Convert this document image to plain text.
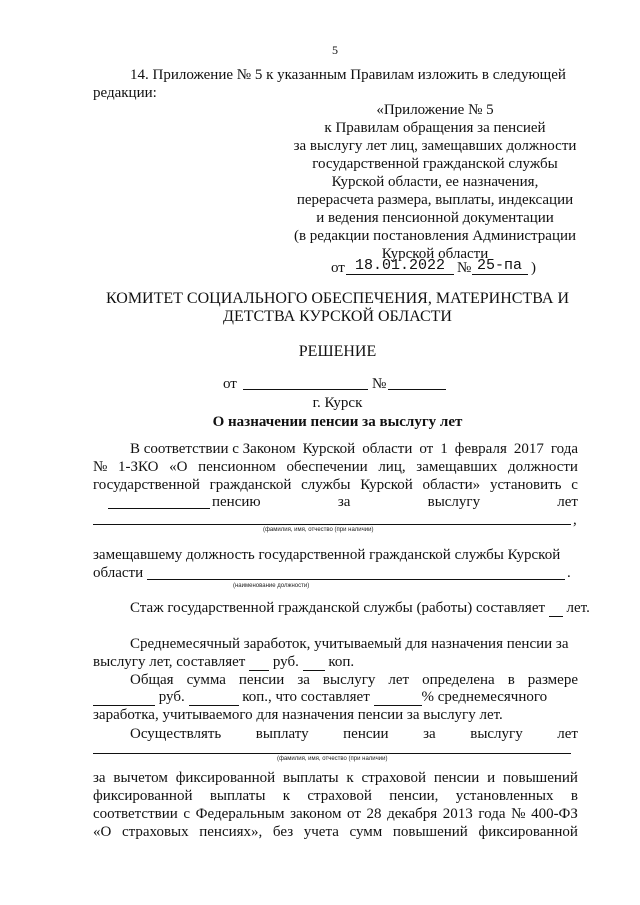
5
14. Приложение № 5 к указанным Правилам изложить в следующей
редакции:
«Приложение № 5
к Правилам обращения за пенсией
за выслугу лет лиц, замещавших должности
государственной гражданской службы
Курской области, ее назначения,
перерасчета размера, выплаты, индексации
и ведения пенсионной документации
(в редакции постановления Администрации
Курской области
от 18.01.2022 № 25-па )
КОМИТЕТ СОЦИАЛЬНОГО ОБЕСПЕЧЕНИЯ, МАТЕРИНСТВА И
ДЕТСТВА КУРСКОЙ ОБЛАСТИ
РЕШЕНИЕ
от	№
г. Курск
О назначении пенсии за выслугу лет
В соответствии с Законом Курской области от 1 февраля 2017 года
№ 1-ЗКО «О пенсионном обеспечении лиц, замещавших должности
государственной гражданской службы Курской области» установить с
пенсию	за	выслугу	лет
,
(фамилия, имя, отчество (при наличии)
замещавшему должность государственной гражданской службы Курской
области	.
(наименование должности)
Стаж государственной гражданской службы (работы) составляет лет.
Среднемесячный заработок, учитываемый для назначения пенсии за
выслугу лет, составляет руб. коп.
Общая сумма пенсии за выслугу лет определена в размере
руб.	коп., что составляет	% среднемесячного
заработка, учитываемого для назначения пенсии за выслугу лет.
Осуществлять выплату пенсии за выслугу лет
(фамилия, имя, отчество (при наличии)
за вычетом фиксированной выплаты к страховой пенсии и повышений
фиксированной выплаты к страховой пенсии, установленных в
соответствии с Федеральным законом от 28 декабря 2013 года № 400-ФЗ
«О страховых пенсиях», без учета сумм повышений фиксированной
